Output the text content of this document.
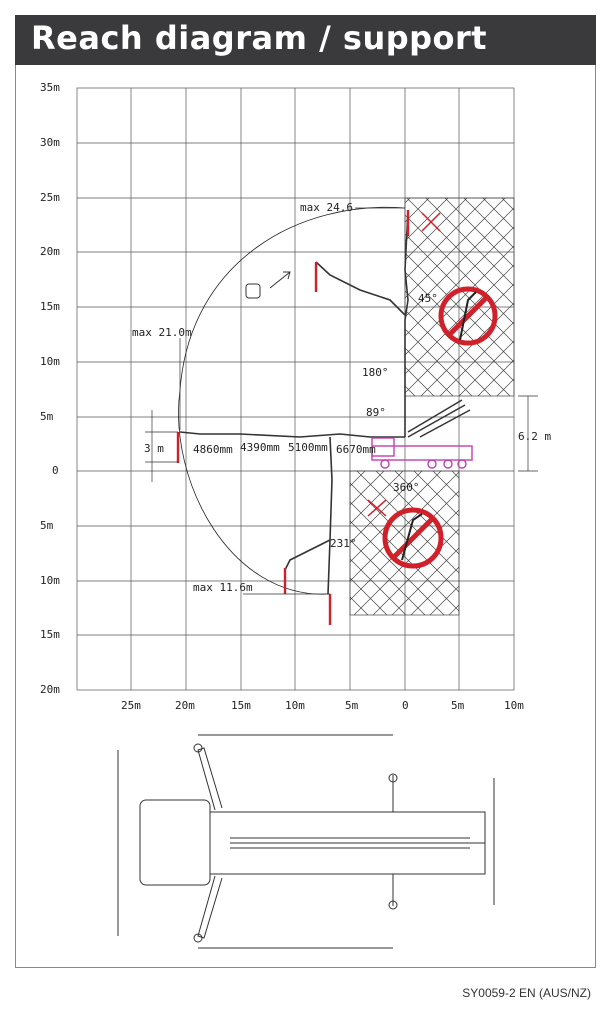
Reach diagram / support
35m
30m
25m
20m
15m
10m
5m
0
5m
10m
15m
20m
25m	20m	15m	10m	5m	0	5m	10m
max 24.6
max 21.0m
max 11.6m
3 m
6.2 m
45°
180°
89°
360°
231°
4860mm 4390mm 5100mm 6670mm
SY0059-2 EN (AUS/NZ)
